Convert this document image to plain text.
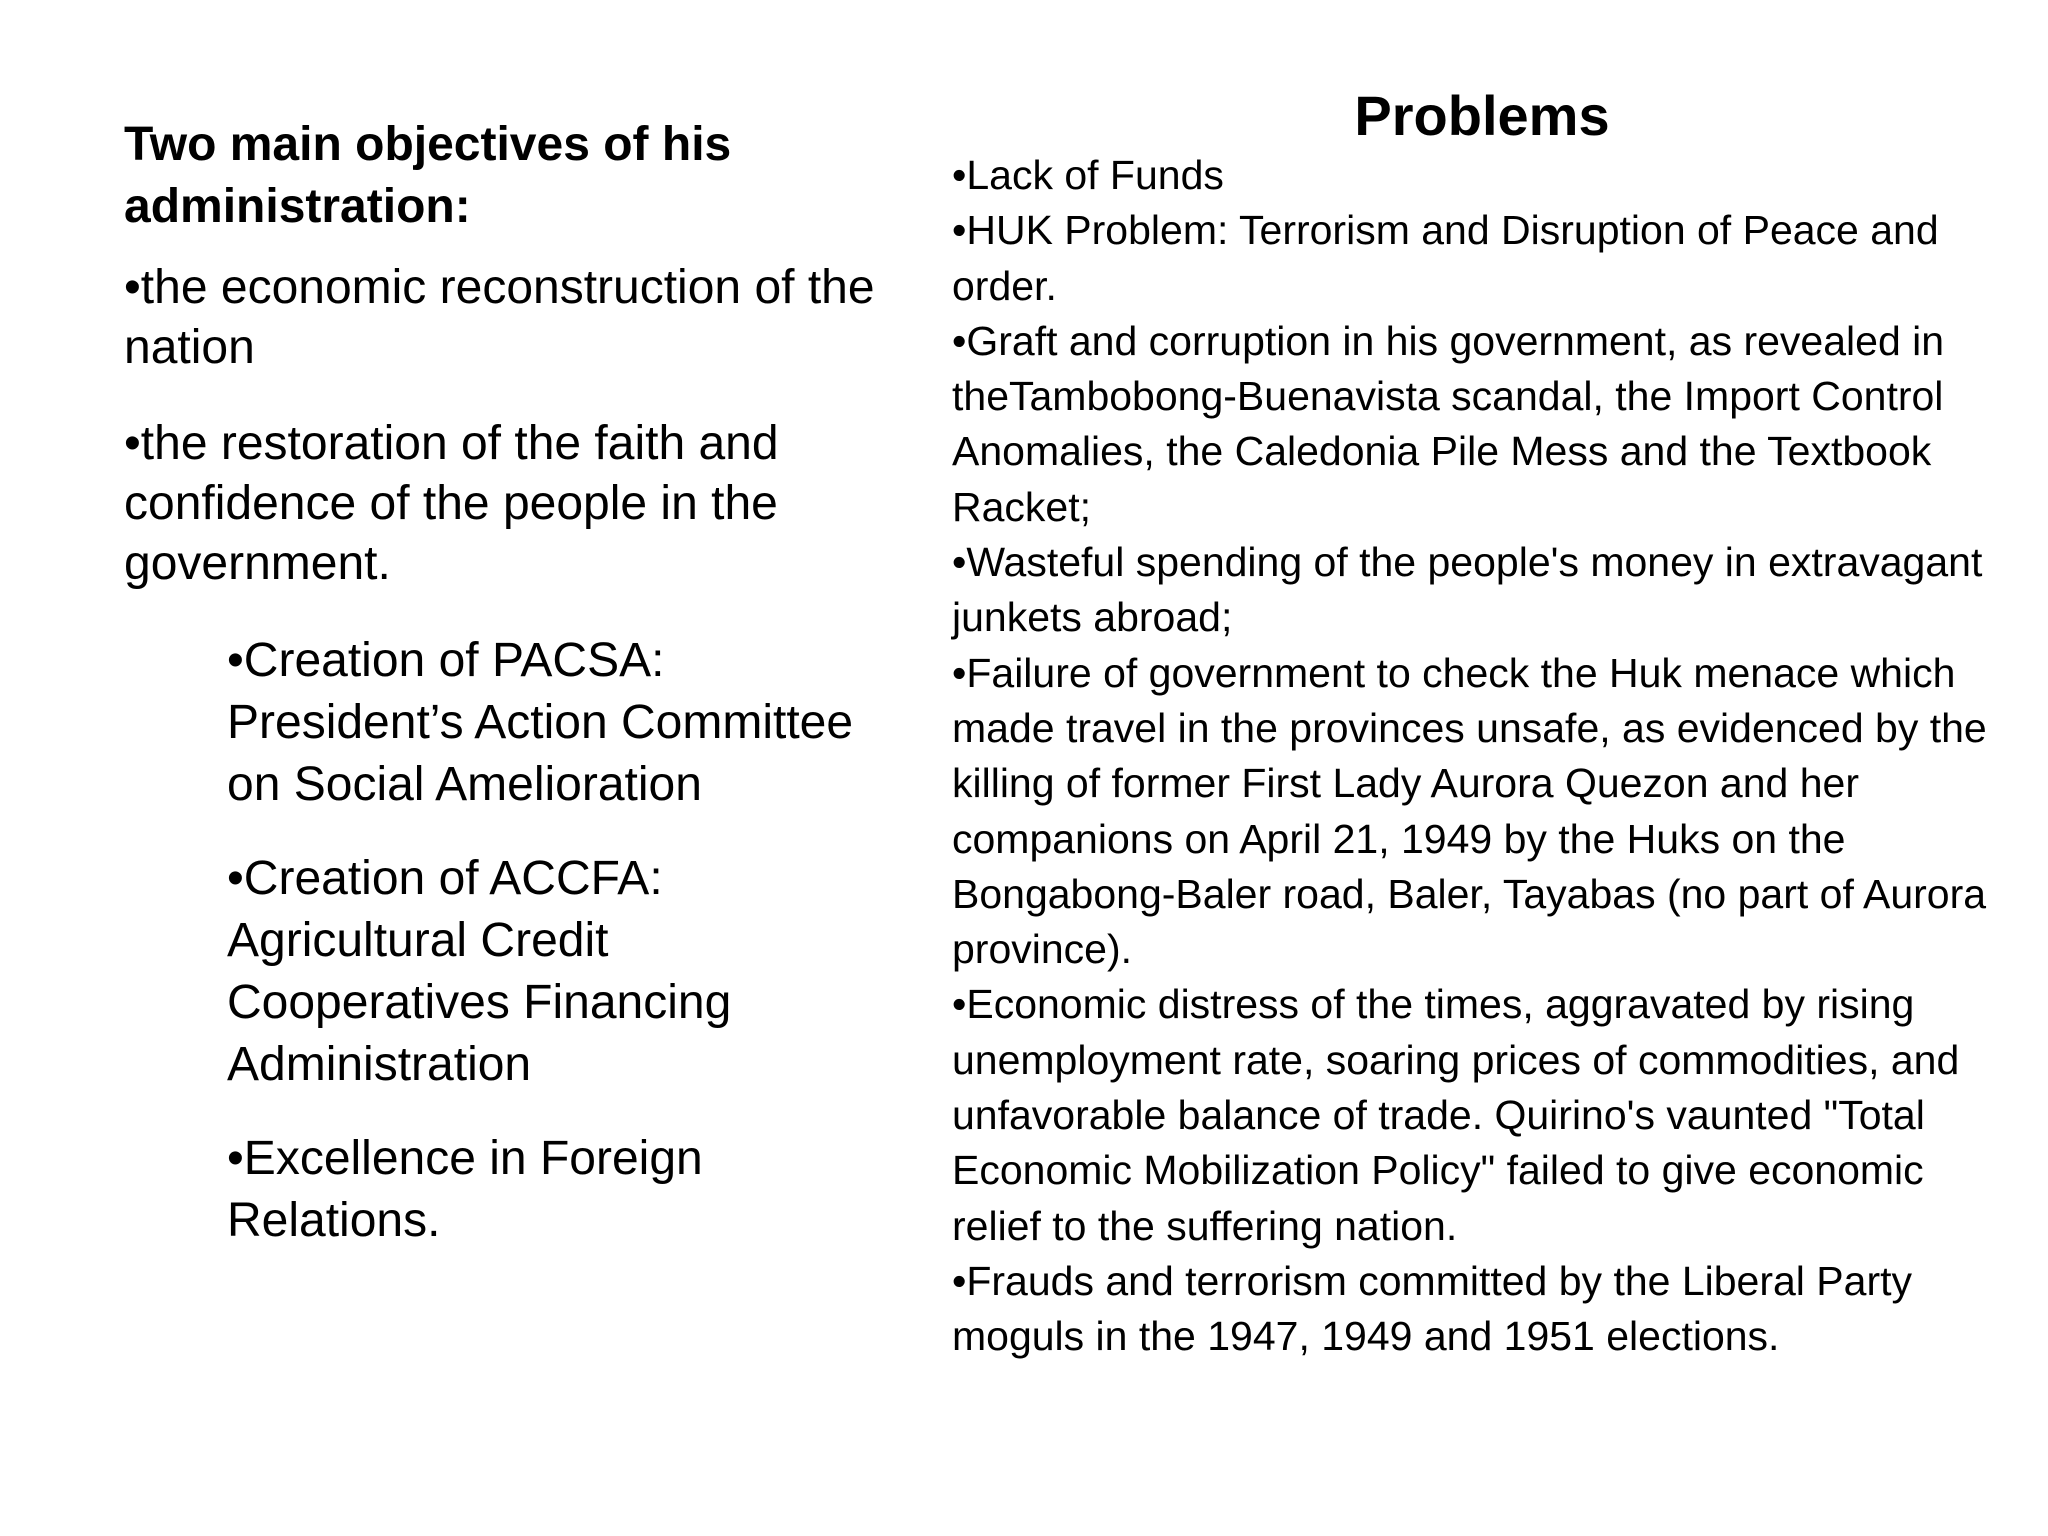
Two main objectives of his administration:
•the economic reconstruction of the nation
•the restoration of the faith and confidence of the people in the government.
•Creation of PACSA: President’s Action Committee on Social Amelioration
•Creation of ACCFA: Agricultural Credit Cooperatives Financing Administration
•Excellence in Foreign Relations.
Problems
•Lack of Funds
•HUK Problem: Terrorism and Disruption of Peace and order.
•Graft and corruption in his government, as revealed in theTambobong-Buenavista scandal, the Import Control Anomalies, the Caledonia Pile Mess and the Textbook Racket;
•Wasteful spending of the people's money in extravagant junkets abroad;
•Failure of government to check the Huk menace which made travel in the provinces unsafe, as evidenced by the killing of former First Lady Aurora Quezon and her companions on April 21, 1949 by the Huks on the Bongabong-Baler road, Baler, Tayabas (no part of Aurora province).
•Economic distress of the times, aggravated by rising unemployment rate, soaring prices of commodities, and unfavorable balance of trade. Quirino's vaunted "Total Economic Mobilization Policy" failed to give economic relief to the suffering nation.
•Frauds and terrorism committed by the Liberal Party moguls in the 1947, 1949 and 1951 elections.
